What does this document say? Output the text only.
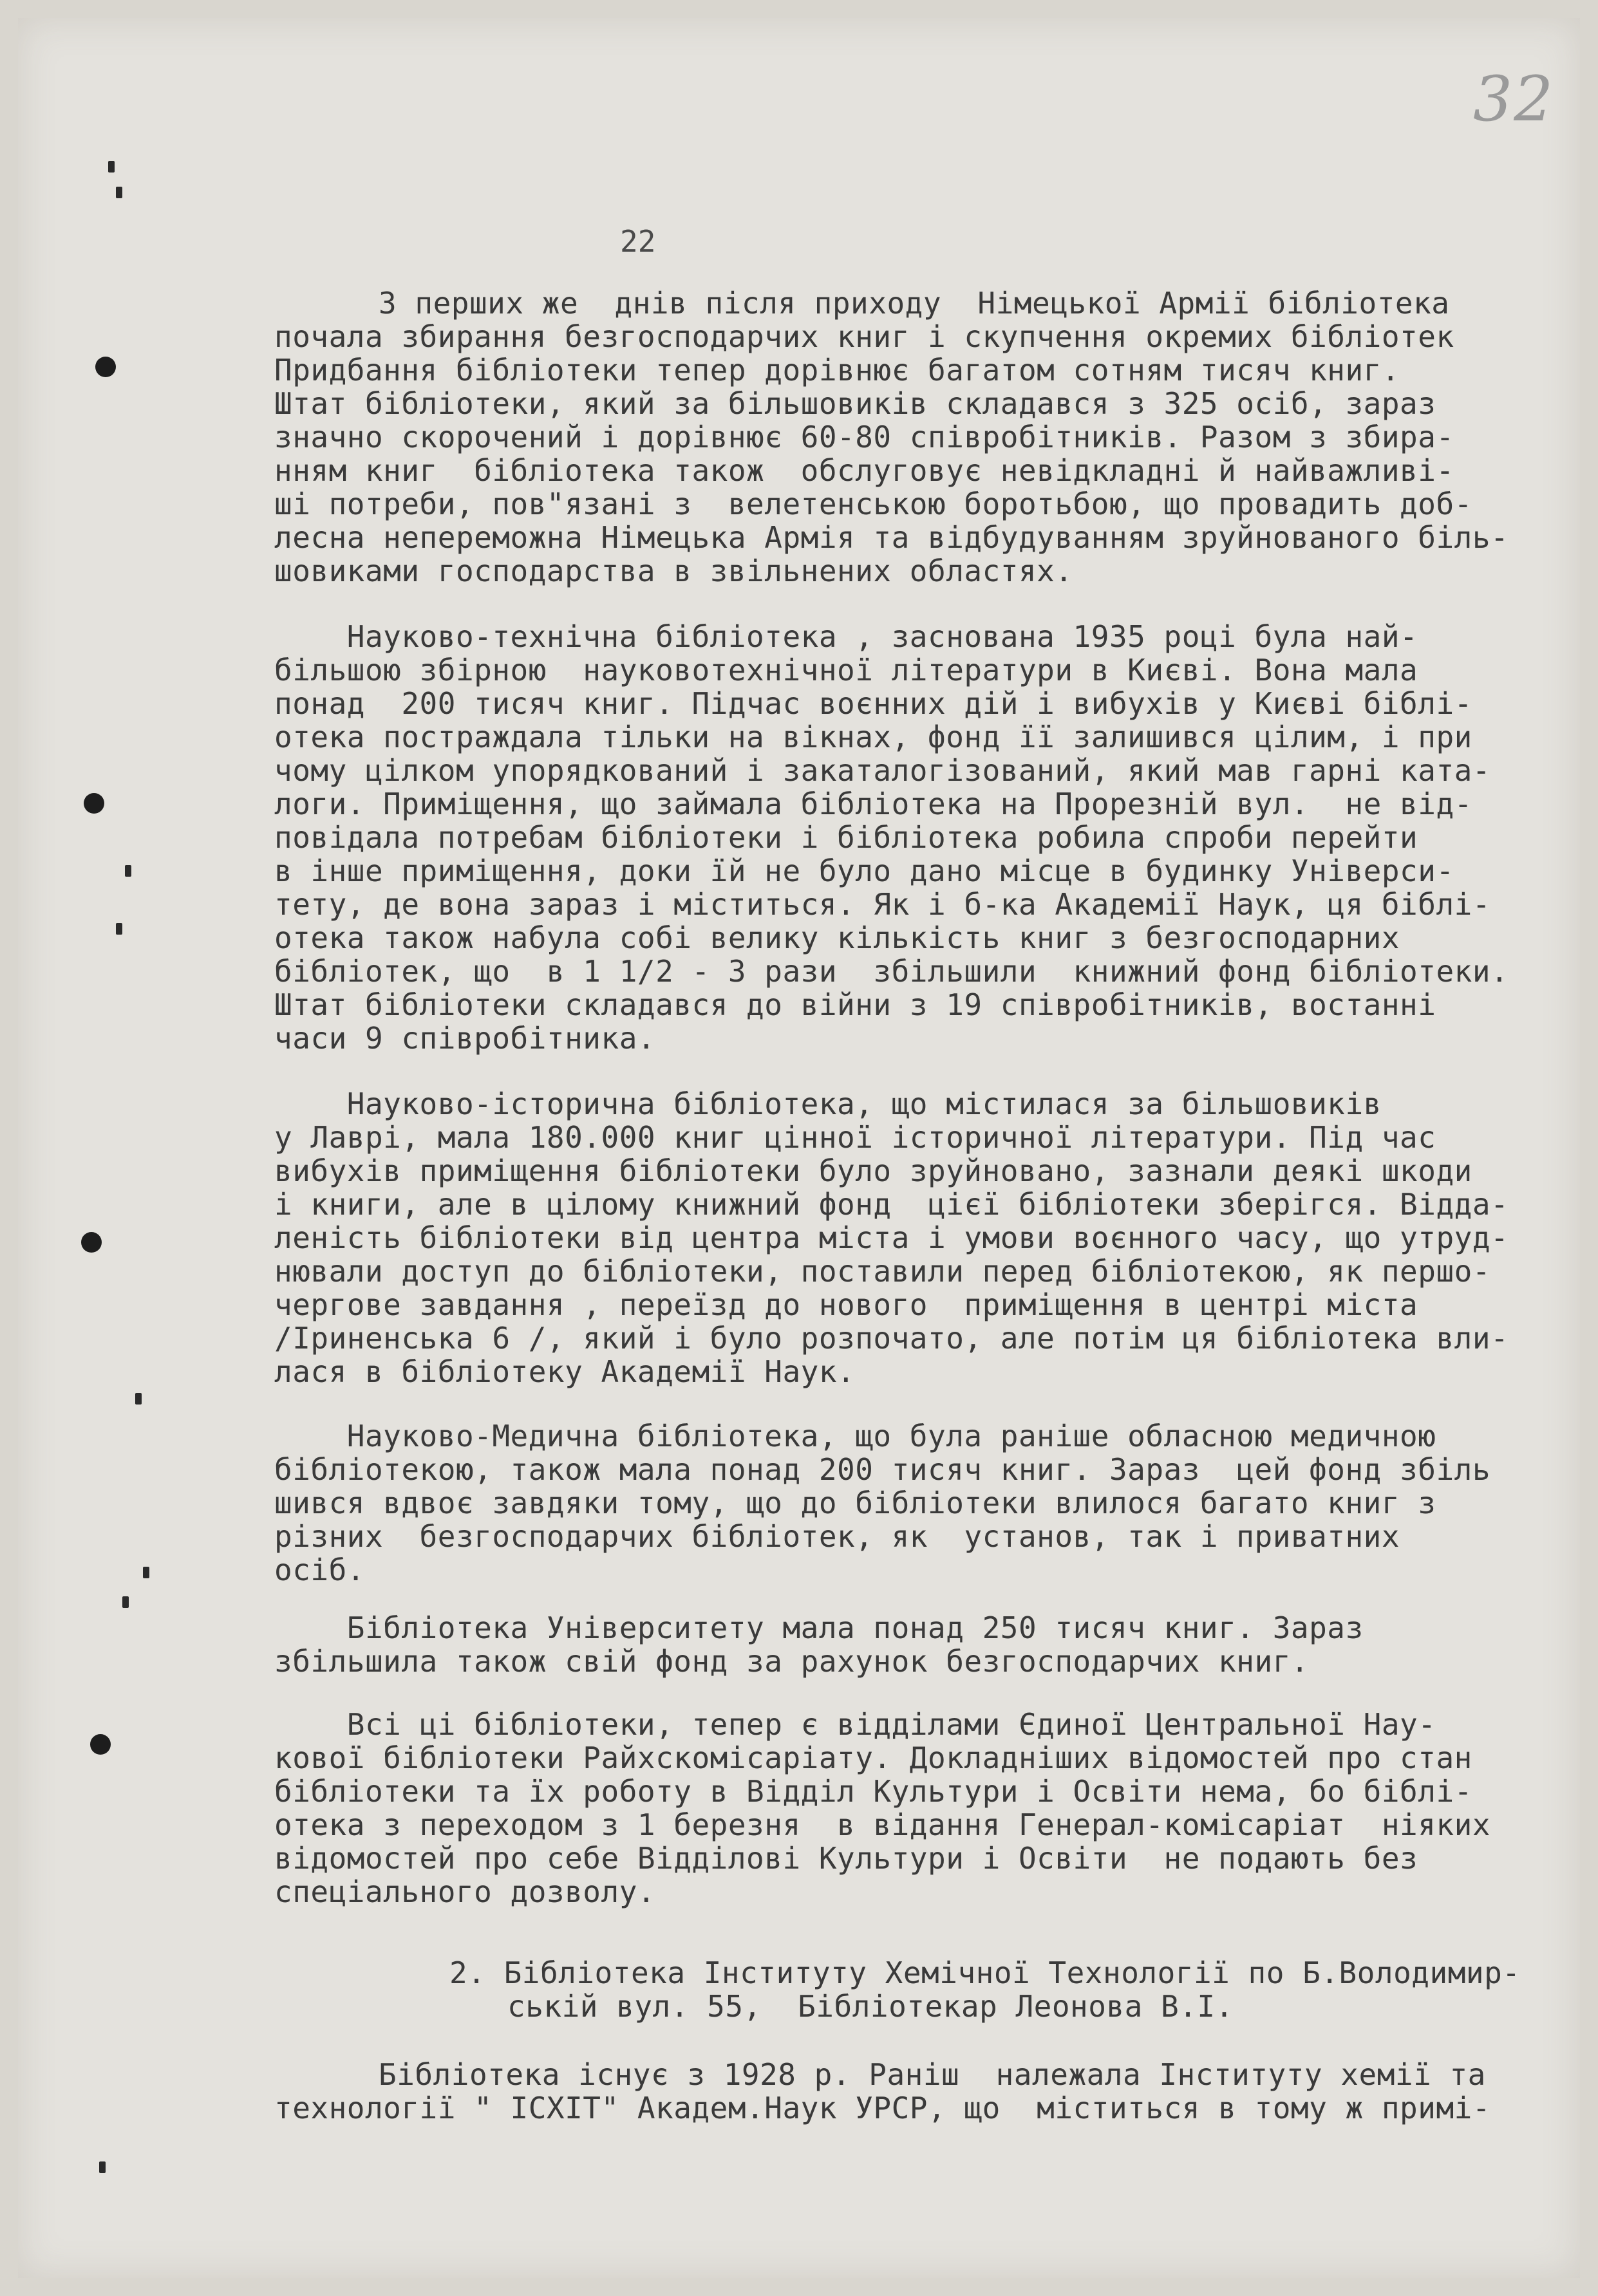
32
22
З перших же  днів після приходу  Німецької Армії бібліотека
почала збирання безгосподарчих книг і скупчення окремих бібліотек
Придбання бібліотеки тепер дорівнює багатом сотням тисяч книг.
Штат бібліотеки, який за більшовиків складався з 325 осіб, зараз
значно скорочений і дорівнює 60-80 співробітників. Разом з збира-
нням книг  бібліотека також  обслуговує невідкладні й найважливі-
ші потреби, пов"язані з  велетенською боротьбою, що провадить доб-
лесна непереможна Німецька Армія та відбудуванням зруйнованого біль-
шовиками господарства в звільнених областях.
Науково-технічна бібліотека , заснована 1935 році була най-
більшою збірною  науковотехнічної літератури в Києві. Вона мала
понад  200 тисяч книг. Підчас воєнних дій і вибухів у Києві біблі-
отека постраждала тільки на вікнах, фонд її залишився цілим, і при
чому цілком упорядкований і закаталогізований, який мав гарні ката-
логи. Приміщення, що займала бібліотека на Прорезній вул.  не від-
повідала потребам бібліотеки і бібліотека робила спроби перейти
в інше приміщення, доки їй не було дано місце в будинку Універси-
тету, де вона зараз і міститься. Як і б-ка Академії Наук, ця біблі-
отека також набула собі велику кількість книг з безгосподарних
бібліотек, що  в 1 1/2 - 3 рази  збільшили  книжний фонд бібліотеки.
Штат бібліотеки складався до війни з 19 співробітників, востанні
часи 9 співробітника.
Науково-історична бібліотека, що містилася за більшовиків
у Лаврі, мала 180.000 книг цінної історичної літератури. Під час
вибухів приміщення бібліотеки було зруйновано, зазнали деякі шкоди
і книги, але в цілому книжний фонд  цієї бібліотеки зберігся. Відда-
леність бібліотеки від центра міста і умови воєнного часу, що утруд-
нювали доступ до бібліотеки, поставили перед бібліотекою, як першо-
чергове завдання , переїзд до нового  приміщення в центрі міста
/Іриненська 6 /, який і було розпочато, але потім ця бібліотека вли-
лася в бібліотеку Академії Наук.
Науково-Медична бібліотека, що була раніше обласною медичною
бібліотекою, також мала понад 200 тисяч книг. Зараз  цей фонд збіль
шився вдвоє завдяки тому, що до бібліотеки влилося багато книг з
різних  безгосподарчих бібліотек, як  установ, так і приватних
осіб.
Бібліотека Університету мала понад 250 тисяч книг. Зараз
збільшила також свій фонд за рахунок безгосподарчих книг.
Всі ці бібліотеки, тепер є відділами Єдиної Центральної Нау-
кової бібліотеки Райхскомісаріату. Докладніших відомостей про стан
бібліотеки та їх роботу в Відділ Культури і Освіти нема, бо біблі-
отека з переходом з 1 березня  в відання Генерал-комісаріат  ніяких
відомостей про себе Відділові Культури і Освіти  не подають без
спеціального дозволу.
2. Бібліотека Інституту Хемічної Технології по Б.Володимир-
ській вул. 55,  Бібліотекар Леонова В.І.
Бібліотека існує з 1928 р. Раніш  належала Інституту хемії та
технології " ІСХІТ" Академ.Наук УРСР, що  міститься в тому ж примі-
